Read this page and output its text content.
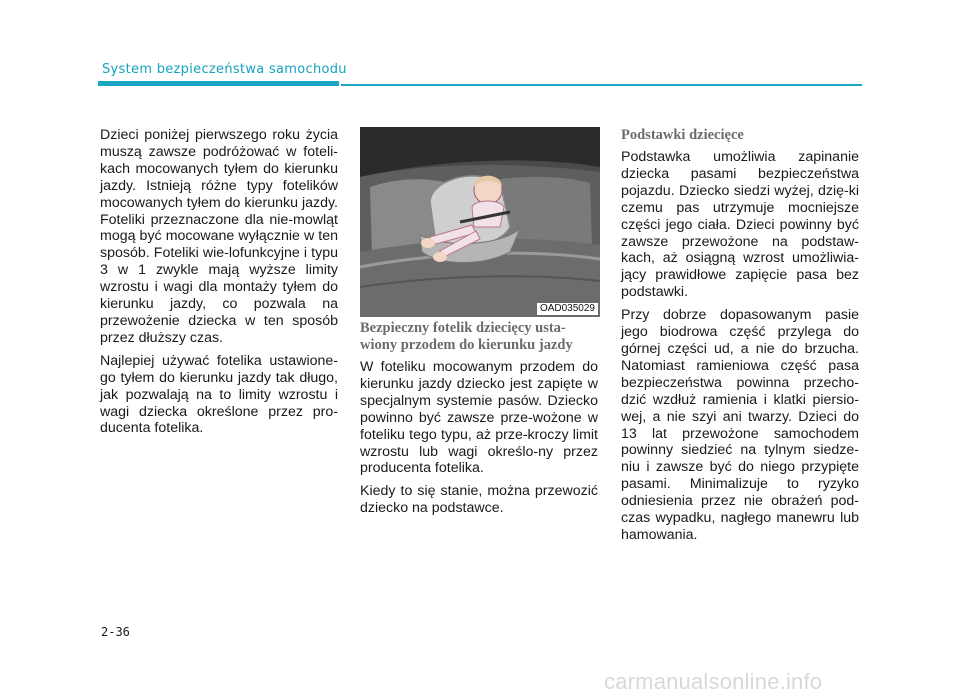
System bezpieczeństwa samochodu

Dzieci poniżej pierwszego roku życia muszą zawsze podróżować w foteli-kach mocowanych tyłem do kierunku jazdy. Istnieją różne typy fotelików mocowanych tyłem do kierunku jazdy. Foteliki przeznaczone dla nie-mowląt mogą być mocowane wyłącznie w ten sposób. Foteliki wie-lofunkcyjne i typu 3 w 1 zwykle mają wyższe limity wzrostu i wagi dla montaży tyłem do kierunku jazdy, co pozwala na przewożenie dziecka w ten sposób przez dłuższy czas.

Najlepiej używać fotelika ustawione-go tyłem do kierunku jazdy tak długo, jak pozwalają na to limity wzrostu i wagi dziecka określone przez pro-ducenta fotelika.

OAD035029
Bezpieczny fotelik dziecięcy usta-wiony przodem do kierunku jazdy

W foteliku mocowanym przodem do kierunku jazdy dziecko jest zapięte w specjalnym systemie pasów. Dziecko powinno być zawsze prze-wożone w foteliku tego typu, aż prze-kroczy limit wzrostu lub wagi określo-ny przez producenta fotelika.

Kiedy to się stanie, można przewozić dziecko na podstawce.

Podstawki dziecięce

Podstawka umożliwia zapinanie dziecka pasami bezpieczeństwa pojazdu. Dziecko siedzi wyżej, dzię-ki czemu pas utrzymuje mocniejsze części jego ciała. Dzieci powinny być zawsze przewożone na podstaw-kach, aż osiągną wzrost umożliwia-jący prawidłowe zapięcie pasa bez podstawki.

Przy dobrze dopasowanym pasie jego biodrowa część przylega do górnej części ud, a nie do brzucha. Natomiast ramieniowa część pasa bezpieczeństwa powinna przecho-dzić wzdłuż ramienia i klatki piersio-wej, a nie szyi ani twarzy. Dzieci do 13 lat przewożone samochodem powinny siedzieć na tylnym siedze-niu i zawsze być do niego przypięte pasami. Minimalizuje to ryzyko odniesienia przez nie obrażeń pod-czas wypadku, nagłego manewru lub hamowania.

2-36
carmanualsonline.info
